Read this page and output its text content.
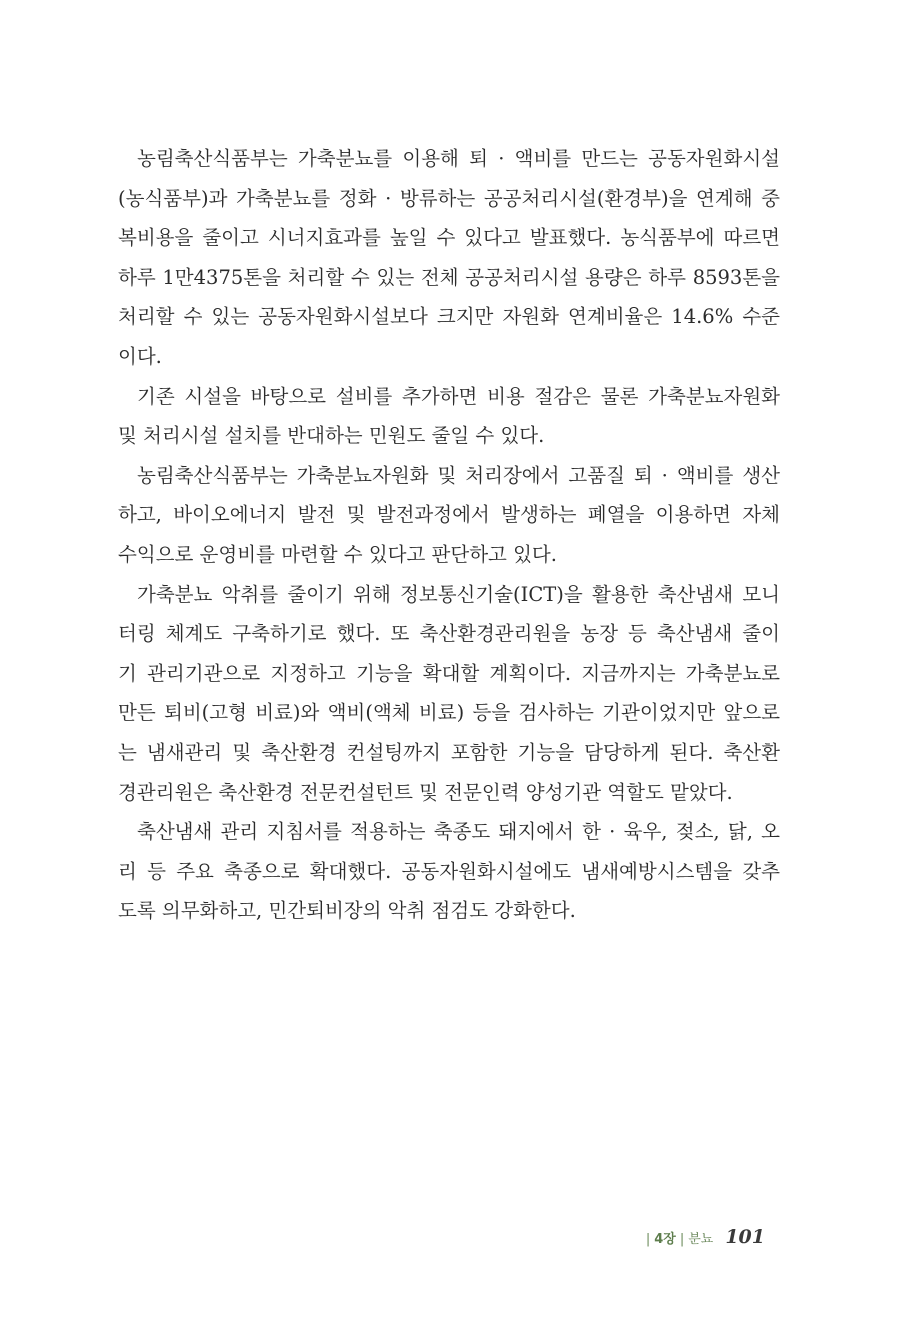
농림축산식품부는 가축분뇨를 이용해 퇴 · 액비를 만드는 공동자원화시설
(농식품부)과 가축분뇨를 정화 · 방류하는 공공처리시설(환경부)을 연계해 중
복비용을 줄이고 시너지효과를 높일 수 있다고 발표했다. 농식품부에 따르면
하루 1만4375톤을 처리할 수 있는 전체 공공처리시설 용량은 하루 8593톤을
처리할 수 있는 공동자원화시설보다 크지만 자원화 연계비율은 14.6% 수준
이다.
기존 시설을 바탕으로 설비를 추가하면 비용 절감은 물론 가축분뇨자원화
및 처리시설 설치를 반대하는 민원도 줄일 수 있다.
농림축산식품부는 가축분뇨자원화 및 처리장에서 고품질 퇴 · 액비를 생산
하고, 바이오에너지 발전 및 발전과정에서 발생하는 폐열을 이용하면 자체
수익으로 운영비를 마련할 수 있다고 판단하고 있다.
가축분뇨 악취를 줄이기 위해 정보통신기술(ICT)을 활용한 축산냄새 모니
터링 체계도 구축하기로 했다. 또 축산환경관리원을 농장 등 축산냄새 줄이
기 관리기관으로 지정하고 기능을 확대할 계획이다. 지금까지는 가축분뇨로
만든 퇴비(고형 비료)와 액비(액체 비료) 등을 검사하는 기관이었지만 앞으로
는 냄새관리 및 축산환경 컨설팅까지 포함한 기능을 담당하게 된다. 축산환
경관리원은 축산환경 전문컨설턴트 및 전문인력 양성기관 역할도 맡았다.
축산냄새 관리 지침서를 적용하는 축종도 돼지에서 한 · 육우, 젖소, 닭, 오
리 등 주요 축종으로 확대했다. 공동자원화시설에도 냄새예방시스템을 갖추
도록 의무화하고, 민간퇴비장의 악취 점검도 강화한다.
| 4장 | 분뇨 101
